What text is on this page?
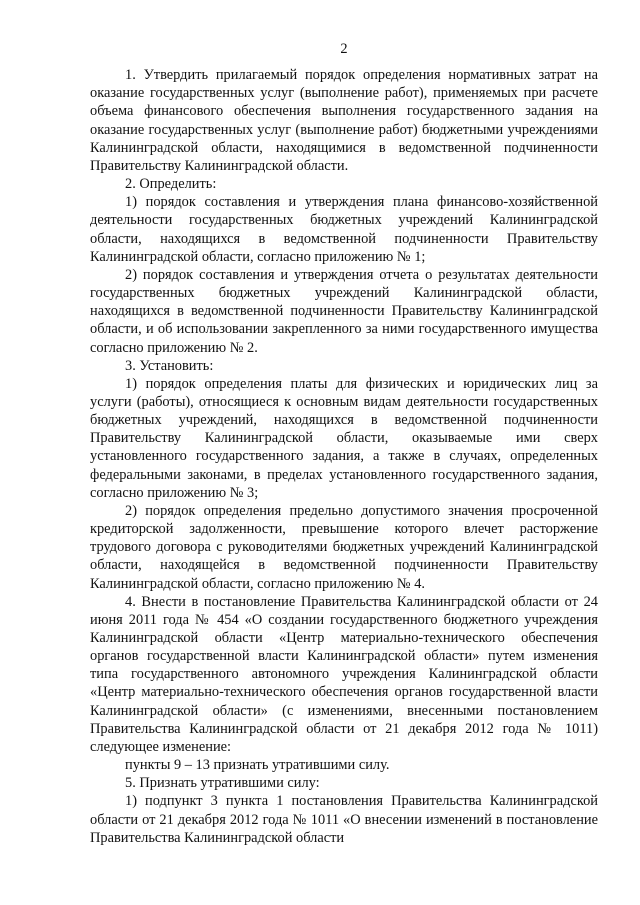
2

1. Утвердить прилагаемый порядок определения нормативных затрат на оказание государственных услуг (выполнение работ), применяемых при расчете объема финансового обеспечения выполнения государственного задания на оказание государственных услуг (выполнение работ) бюджетными учреждениями Калининградской области, находящимися в ведомственной подчиненности Правительству Калининградской области.

2. Определить:

1) порядок составления и утверждения плана финансово-хозяйственной деятельности государственных бюджетных учреждений Калининградской области, находящихся в ведомственной подчиненности Правительству Калининградской области, согласно приложению № 1;

2) порядок составления и утверждения отчета о результатах деятельности государственных бюджетных учреждений Калининградской области, находящихся в ведомственной подчиненности Правительству Калининградской области, и об использовании закрепленного за ними государственного имущества согласно приложению № 2.

3. Установить:

1) порядок определения платы для физических и юридических лиц за услуги (работы), относящиеся к основным видам деятельности государственных бюджетных учреждений, находящихся в ведомственной подчиненности Правительству Калининградской области, оказываемые ими сверх установленного государственного задания, а также в случаях, определенных федеральными законами, в пределах установленного государственного задания, согласно приложению № 3;

2) порядок определения предельно допустимого значения просроченной кредиторской задолженности, превышение которого влечет расторжение трудового договора с руководителями бюджетных учреждений Калининградской области, находящейся в ведомственной подчиненности Правительству Калининградской области, согласно приложению № 4.

4. Внести в постановление Правительства Калининградской области от 24 июня 2011 года № 454 «О создании государственного бюджетного учреждения Калининградской области «Центр материально-технического обеспечения органов государственной власти Калининградской области» путем изменения типа государственного автономного учреждения Калининградской области «Центр материально-технического обеспечения органов государственной власти Калининградской области» (с изменениями, внесенными постановлением Правительства Калининградской области от 21 декабря 2012 года № 1011) следующее изменение:

пункты 9 – 13 признать утратившими силу.

5. Признать утратившими силу:

1) подпункт 3 пункта 1 постановления Правительства Калининградской области от 21 декабря 2012 года № 1011 «О внесении изменений в постановление Правительства Калининградской области
